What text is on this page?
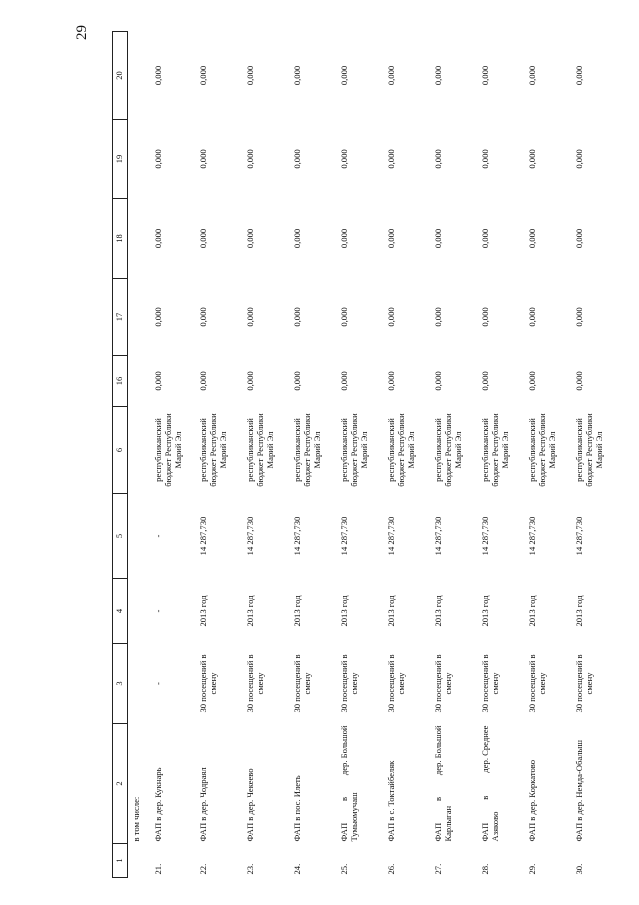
29
1	2	3	4	5	6	16	17	18	19	20
	в том числе:									
21.	ФАП в дер. Кукнарь	-	-	-	республиканский бюджет Республики Марий Эл	0,000	0,000	0,000	0,000	0,000
22.	ФАП в дер. Чодраял	30 посещений в смену	2013 год	14 287,730	республиканский бюджет Республики Марий Эл	0,000	0,000	0,000	0,000	0,000
23.	ФАП в дер. Чекеево	30 посещений в смену	2013 год	14 287,730	республиканский бюджет Республики Марий Эл	0,000	0,000	0,000	0,000	0,000
24.	ФАП в пос. Илеть	30 посещений в смену	2013 год	14 287,730	республиканский бюджет Республики Марий Эл	0,000	0,000	0,000	0,000	0,000
25.	ФАП
в
дер. Большой
Тумьюмучаш	30 посещений в смену	2013 год	14 287,730	республиканский бюджет Республики Марий Эл	0,000	0,000	0,000	0,000	0,000
26.	ФАП в с. Токтайбеляк	30 посещений в смену	2013 год	14 287,730	республиканский бюджет Республики Марий Эл	0,000	0,000	0,000	0,000	0,000
27.	ФАП
в
дер. Большой
Карлыган	30 посещений в смену	2013 год	14 287,730	республиканский бюджет Республики Марий Эл	0,000	0,000	0,000	0,000	0,000
28.	ФАП
в
дер. Среднее
Азяково	30 посещений в смену	2013 год	14 287,730	республиканский бюджет Республики Марий Эл	0,000	0,000	0,000	0,000	0,000
29.	ФАП в дер. Коркатово	30 посещений в смену	2013 год	14 287,730	республиканский бюджет Республики Марий Эл	0,000	0,000	0,000	0,000	0,000
30.	ФАП в дер. Немда-Обалыш	30 посещений в смену	2013 год	14 287,730	республиканский бюджет Республики Марий Эл	0,000	0,000	0,000	0,000	0,000
